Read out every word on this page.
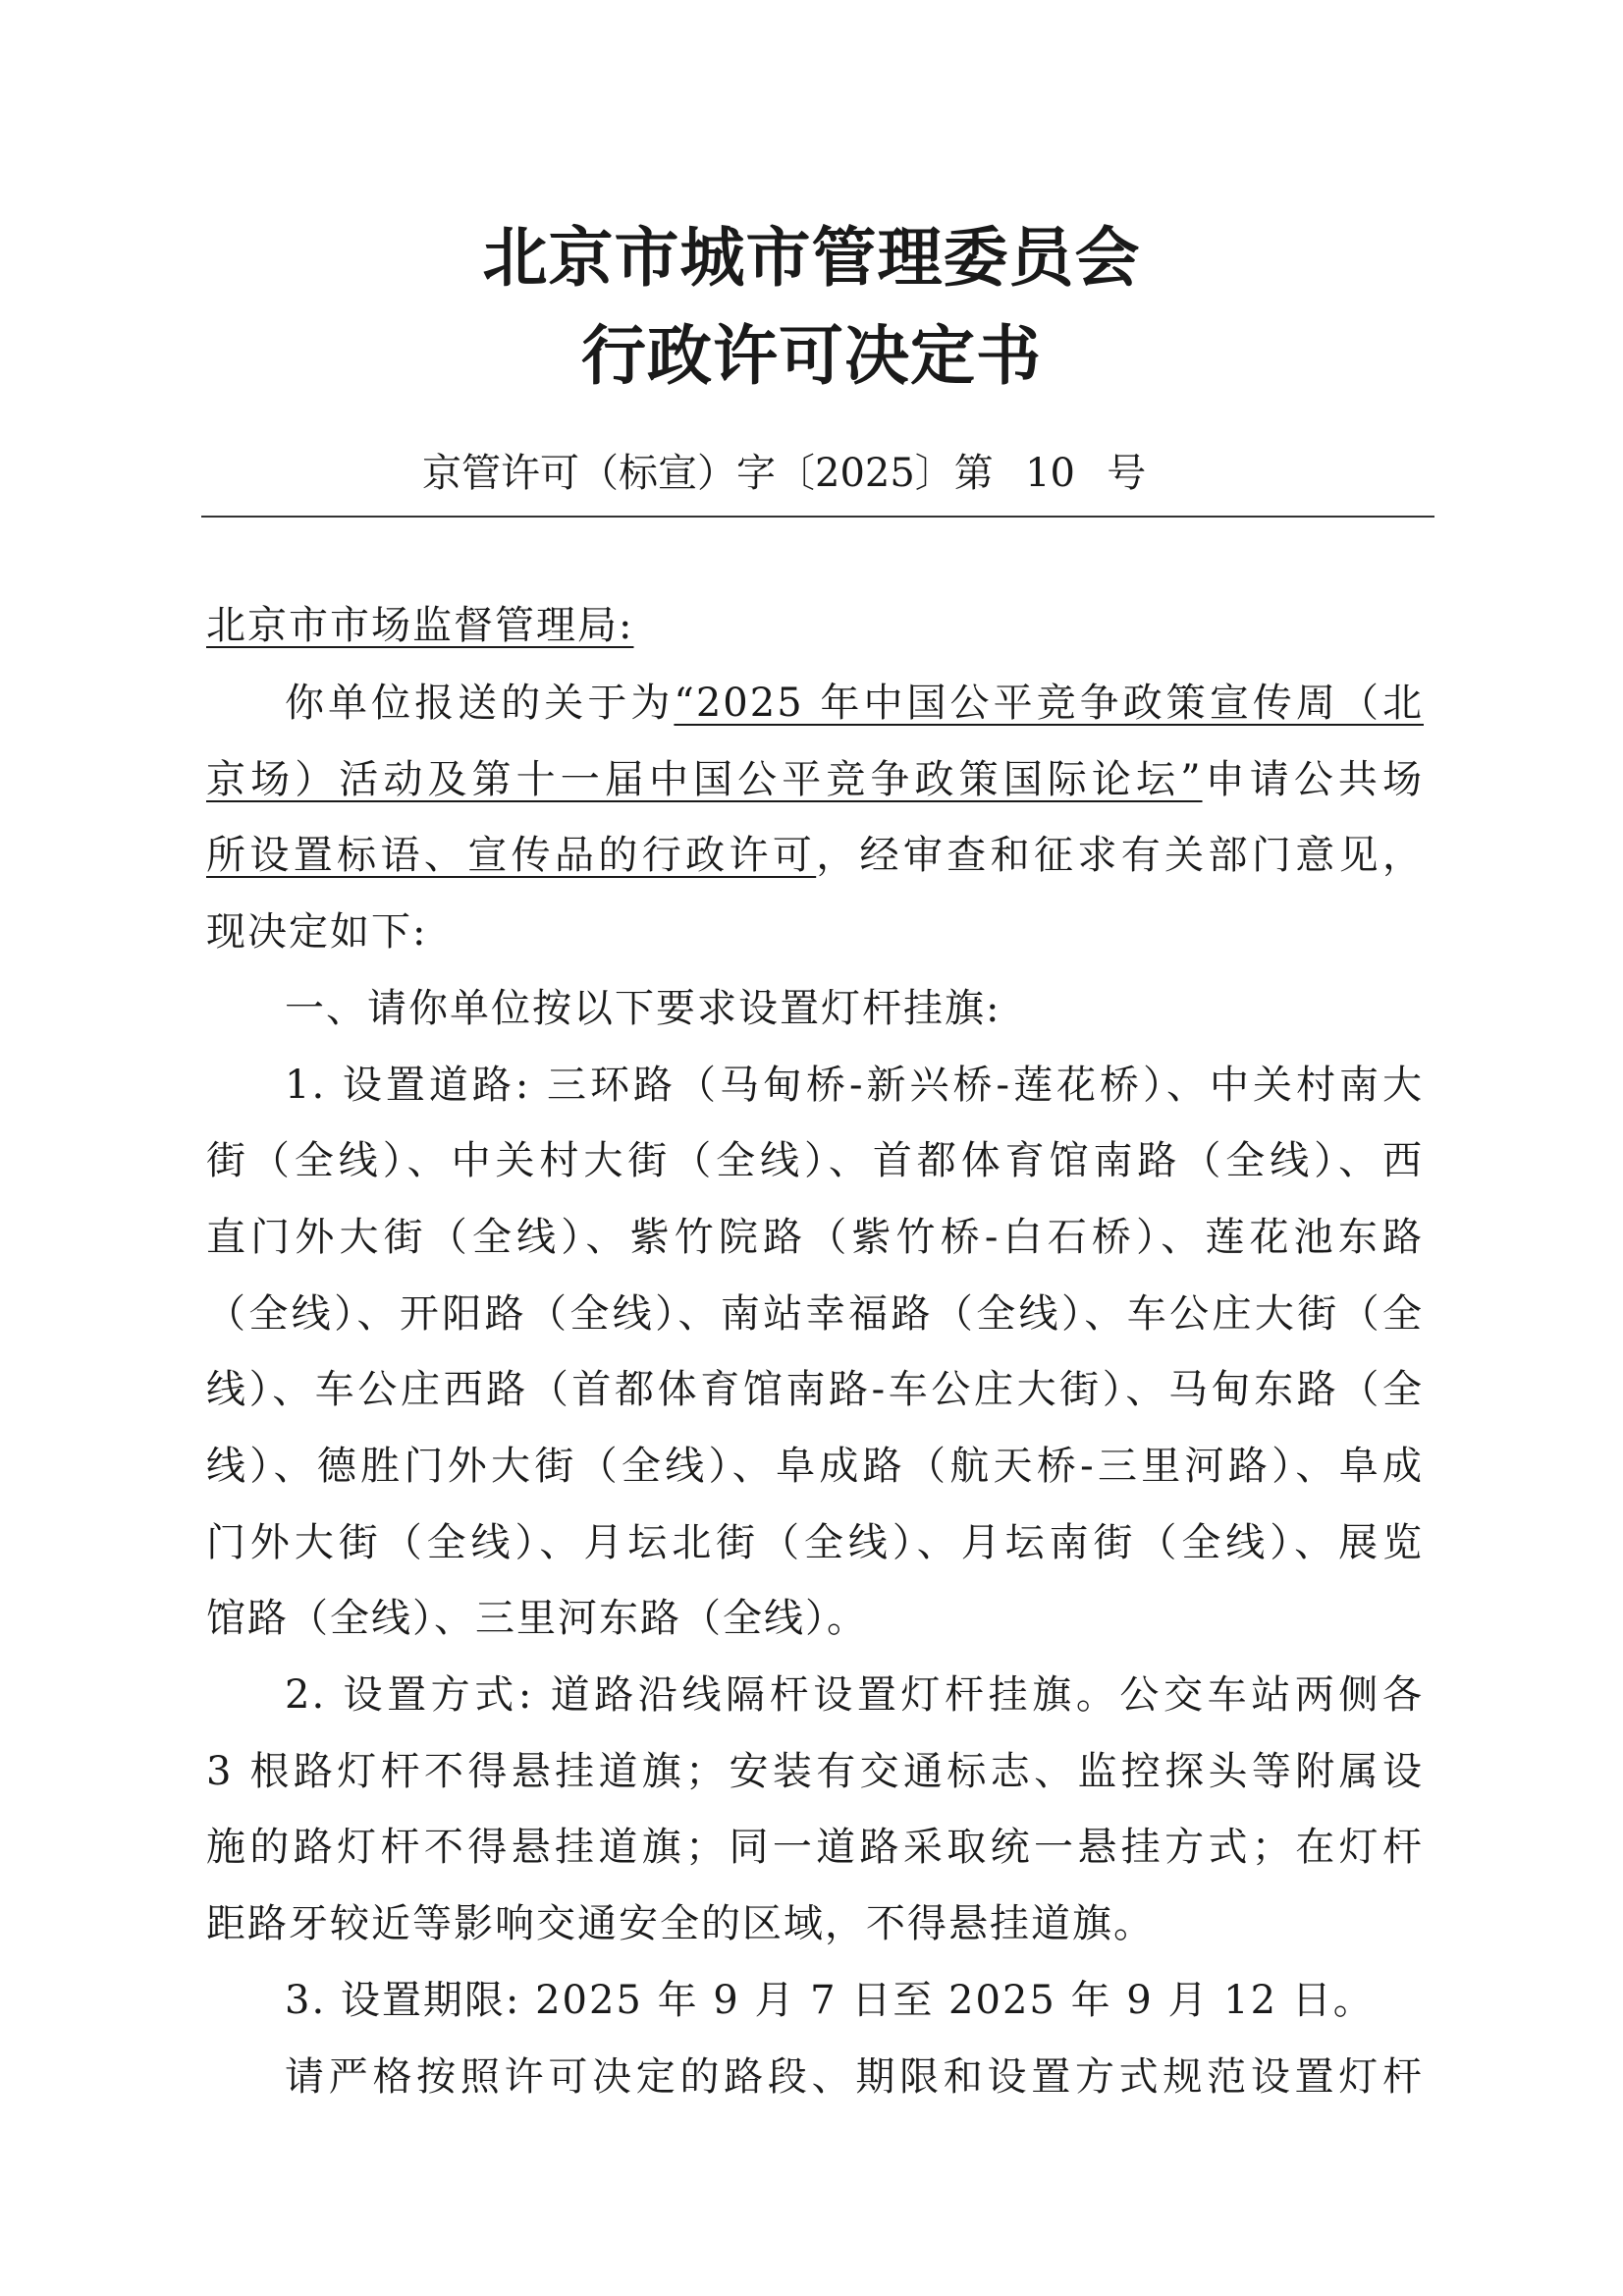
北京市城市管理委员会
行政许可决定书
京管许可（标宣）字〔2025〕第 10 号
北京市市场监督管理局:
你单位报送的关于为“2025 年中国公平竞争政策宣传周（北
京场）活动及第十一届中国公平竞争政策国际论坛”申请公共场
所设置标语、宣传品的行政许可，经审查和征求有关部门意见，
现决定如下:
一、请你单位按以下要求设置灯杆挂旗:
1. 设置道路: 三环路（马甸桥-新兴桥-莲花桥）、中关村南大
街（全线）、中关村大街（全线）、首都体育馆南路（全线）、西
直门外大街（全线）、紫竹院路（紫竹桥-白石桥）、莲花池东路
（全线）、开阳路（全线）、南站幸福路（全线）、车公庄大街（全
线）、车公庄西路（首都体育馆南路-车公庄大街）、马甸东路（全
线）、德胜门外大街（全线）、阜成路（航天桥-三里河路）、阜成
门外大街（全线）、月坛北街（全线）、月坛南街（全线）、展览
馆路（全线）、三里河东路（全线）。
2. 设置方式: 道路沿线隔杆设置灯杆挂旗。公交车站两侧各
3 根路灯杆不得悬挂道旗；安装有交通标志、监控探头等附属设
施的路灯杆不得悬挂道旗；同一道路采取统一悬挂方式；在灯杆
距路牙较近等影响交通安全的区域，不得悬挂道旗。
3. 设置期限: 2025 年 9 月 7 日至 2025 年 9 月 12 日。
请严格按照许可决定的路段、期限和设置方式规范设置灯杆
